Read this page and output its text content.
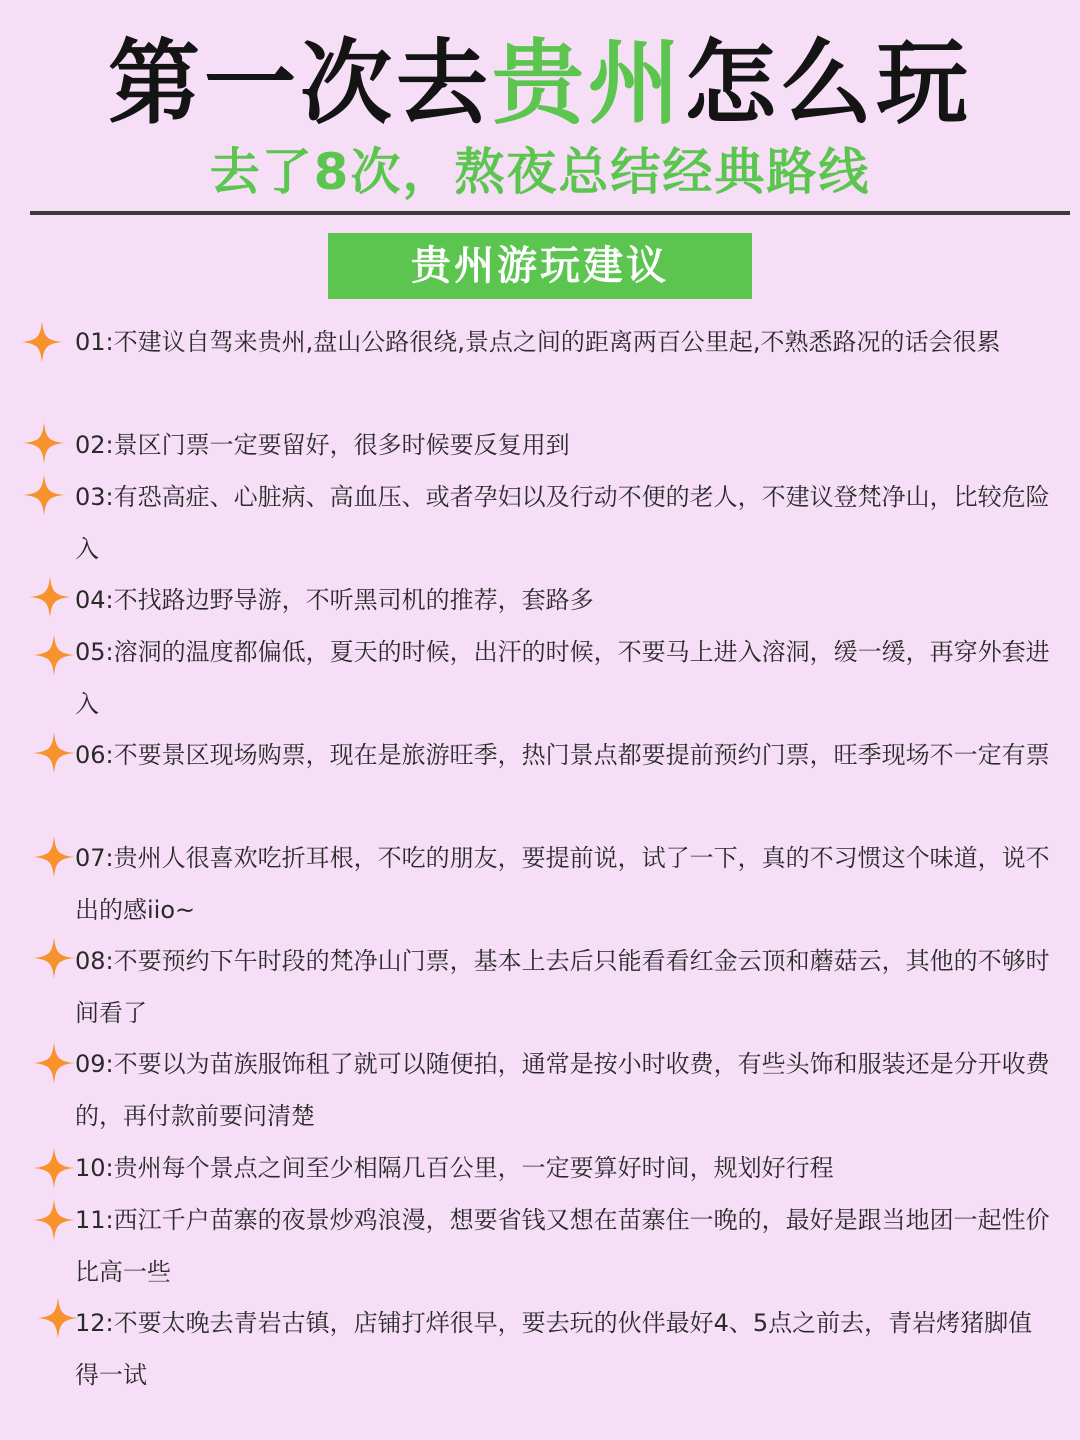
第一次去贵州怎么玩
去了8次，熬夜总结经典路线
贵州游玩建议

01:不建议自驾来贵州,盘山公路很绕,景点之间的距离两百公里起,不熟悉路况的话会很累

02:景区门票一定要留好，很多时候要反复用到

03:有恐高症、心脏病、高血压、或者孕妇以及行动不便的老人，不建议登梵净山，比较危险入

04:不找路边野导游，不听黑司机的推荐，套路多

05:溶洞的温度都偏低，夏天的时候，出汗的时候，不要马上进入溶洞，缓一缓，再穿外套进入

06:不要景区现场购票，现在是旅游旺季，热门景点都要提前预约门票，旺季现场不一定有票

07:贵州人很喜欢吃折耳根，不吃的朋友，要提前说，试了一下，真的不习惯这个味道，说不出的感iio~

08:不要预约下午时段的梵净山门票，基本上去后只能看看红金云顶和蘑菇云，其他的不够时间看了

09:不要以为苗族服饰租了就可以随便拍，通常是按小时收费，有些头饰和服装还是分开收费的，再付款前要问清楚

10:贵州每个景点之间至少相隔几百公里，一定要算好时间，规划好行程

11:西江千户苗寨的夜景炒鸡浪漫，想要省钱又想在苗寨住一晚的，最好是跟当地团一起性价比高一些

12:不要太晚去青岩古镇，店铺打烊很早，要去玩的伙伴最好4、5点之前去，青岩烤猪脚值得一试
